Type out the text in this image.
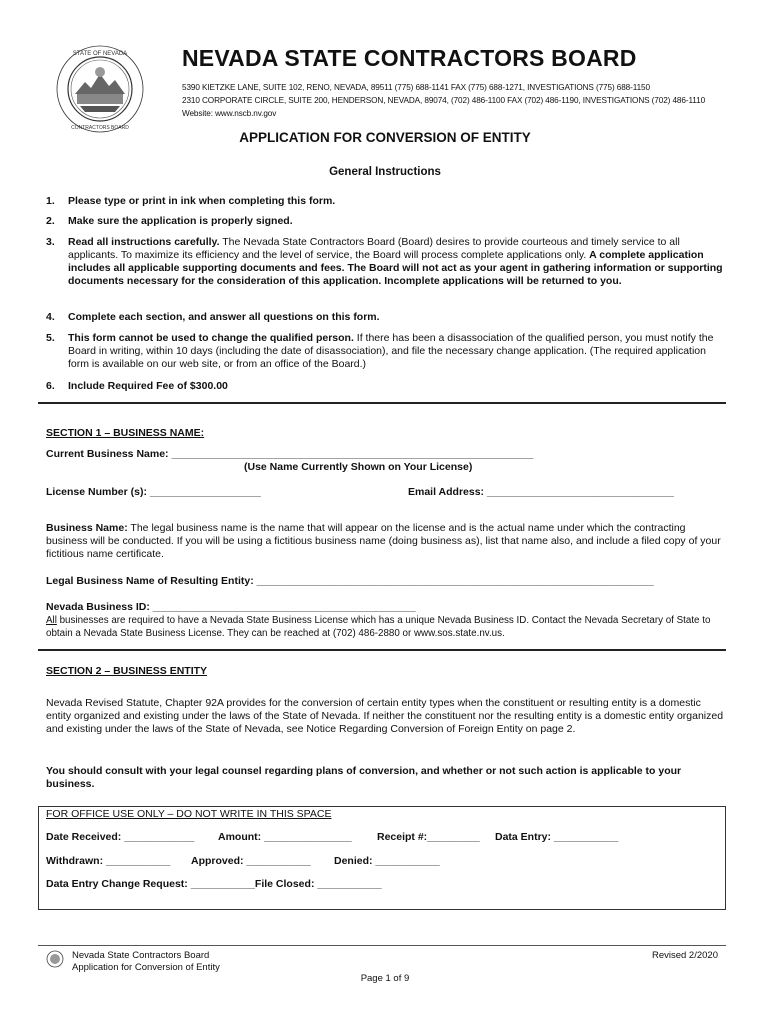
STATE OF NEVADA
CONTRACTORS BOARD
NEVADA STATE CONTRACTORS BOARD
5390 KIETZKE LANE, SUITE 102, RENO, NEVADA, 89511 (775) 688-1141 FAX (775) 688-1271, INVESTIGATIONS (775) 688-1150
2310 CORPORATE CIRCLE, SUITE 200, HENDERSON, NEVADA, 89074, (702) 486-1100 FAX (702) 486-1190, INVESTIGATIONS (702) 486-1110
Website: www.nscb.nv.gov
APPLICATION FOR CONVERSION OF ENTITY
General Instructions
1. Please type or print in ink when completing this form.
2. Make sure the application is properly signed.
3. Read all instructions carefully. The Nevada State Contractors Board (Board) desires to provide courteous and timely service to all applicants. To maximize its efficiency and the level of service, the Board will process complete applications only. A complete application includes all applicable supporting documents and fees. The Board will not act as your agent in gathering information or supporting documents necessary for the consideration of this application. Incomplete applications will be returned to you.
4. Complete each section, and answer all questions on this form.
5. This form cannot be used to change the qualified person. If there has been a disassociation of the qualified person, you must notify the Board in writing, within 10 days (including the date of disassociation), and file the necessary change application. (The required application form is available on our web site, or from an office of the Board.)
6. Include Required Fee of $300.00
SECTION 1 – BUSINESS NAME:
Current Business Name: ______________________________________________________________
(Use Name Currently Shown on Your License)
License Number (s): ___________________	Email Address: ________________________________
Business Name: The legal business name is the name that will appear on the license and is the actual name under which the contracting business will be conducted. If you will be using a fictitious business name (doing business as), list that name also, and include a filed copy of your fictitious name certificate.
Legal Business Name of Resulting Entity: ____________________________________________________________________
Nevada Business ID: _____________________________________________
All businesses are required to have a Nevada State Business License which has a unique Nevada Business ID. Contact the Nevada Secretary of State to obtain a Nevada State Business License. They can be reached at (702) 486-2880 or www.sos.state.nv.us.
SECTION 2 – BUSINESS ENTITY
Nevada Revised Statute, Chapter 92A provides for the conversion of certain entity types when the constituent or resulting entity is a domestic entity organized and existing under the laws of the State of Nevada. If neither the constituent nor the resulting entity is a domestic entity organized and existing under the laws of the State of Nevada, see Notice Regarding Conversion of Foreign Entity on page 2.
You should consult with your legal counsel regarding plans of conversion, and whether or not such action is applicable to your business.
FOR OFFICE USE ONLY – DO NOT WRITE IN THIS SPACE
Date Received: ____________ Amount: _______________ Receipt #:_________ Data Entry: ___________
Withdrawn: ___________ Approved: ___________ Denied: ___________
Data Entry Change Request: ___________File Closed: ___________
Nevada State Contractors Board
Application for Conversion of Entity
Revised 2/2020
Page 1 of 9
